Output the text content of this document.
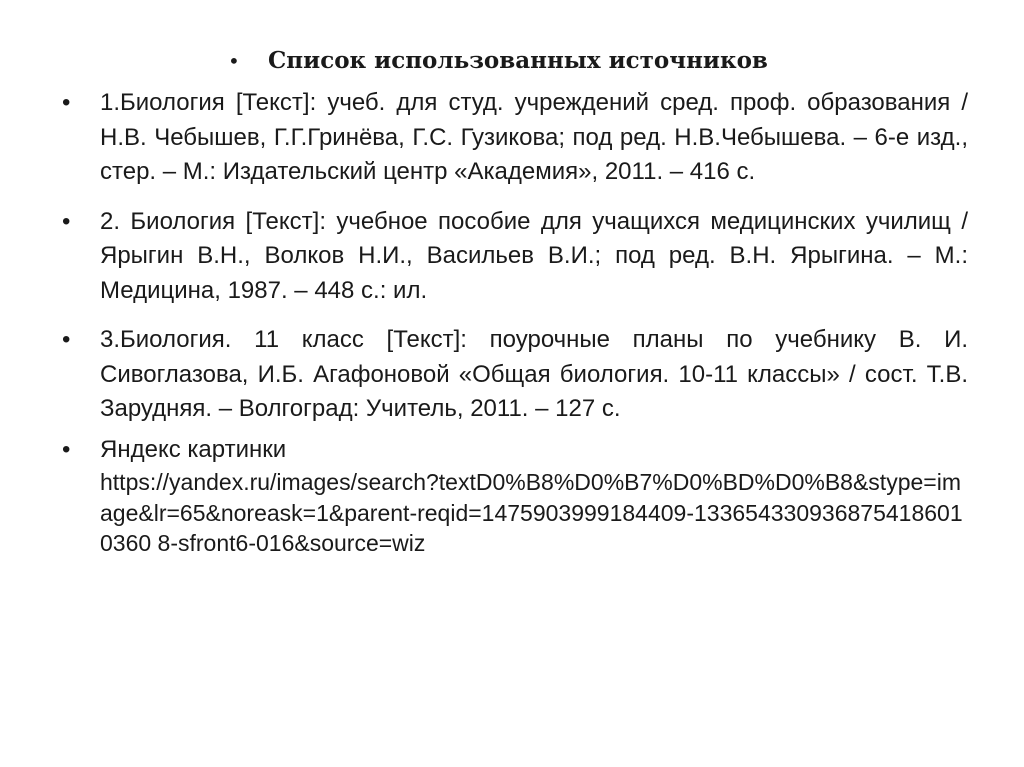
•	Список использованных источников
•	1.Биология [Текст]: учеб. для студ. учреждений сред. проф. образования / Н.В. Чебышев, Г.Г.Гринёва, Г.С. Гузикова; под ред. Н.В.Чебышева. – 6-е изд., стер. – М.: Издательский центр «Академия», 2011. – 416 с.
•	2. Биология [Текст]: учебное пособие для учащихся медицинских училищ / Ярыгин В.Н., Волков Н.И., Васильев В.И.; под ред. В.Н. Ярыгина. – М.: Медицина, 1987. – 448 с.: ил.
•	3.Биология. 11 класс [Текст]: поурочные планы по учебнику В. И. Сивоглазова, И.Б. Агафоновой «Общая биология. 10-11 классы» / сост. Т.В. Зарудняя. – Волгоград: Учитель, 2011. – 127 с.
•	Яндекс картинки
https://yandex.ru/images/search?textD0%B8%D0%B7%D0%BD%D0%B8&stype=image&lr=65&noreask=1&parent-reqid=1475903999184409-1336543309368754186010360 8-sfront6-016&source=wiz
